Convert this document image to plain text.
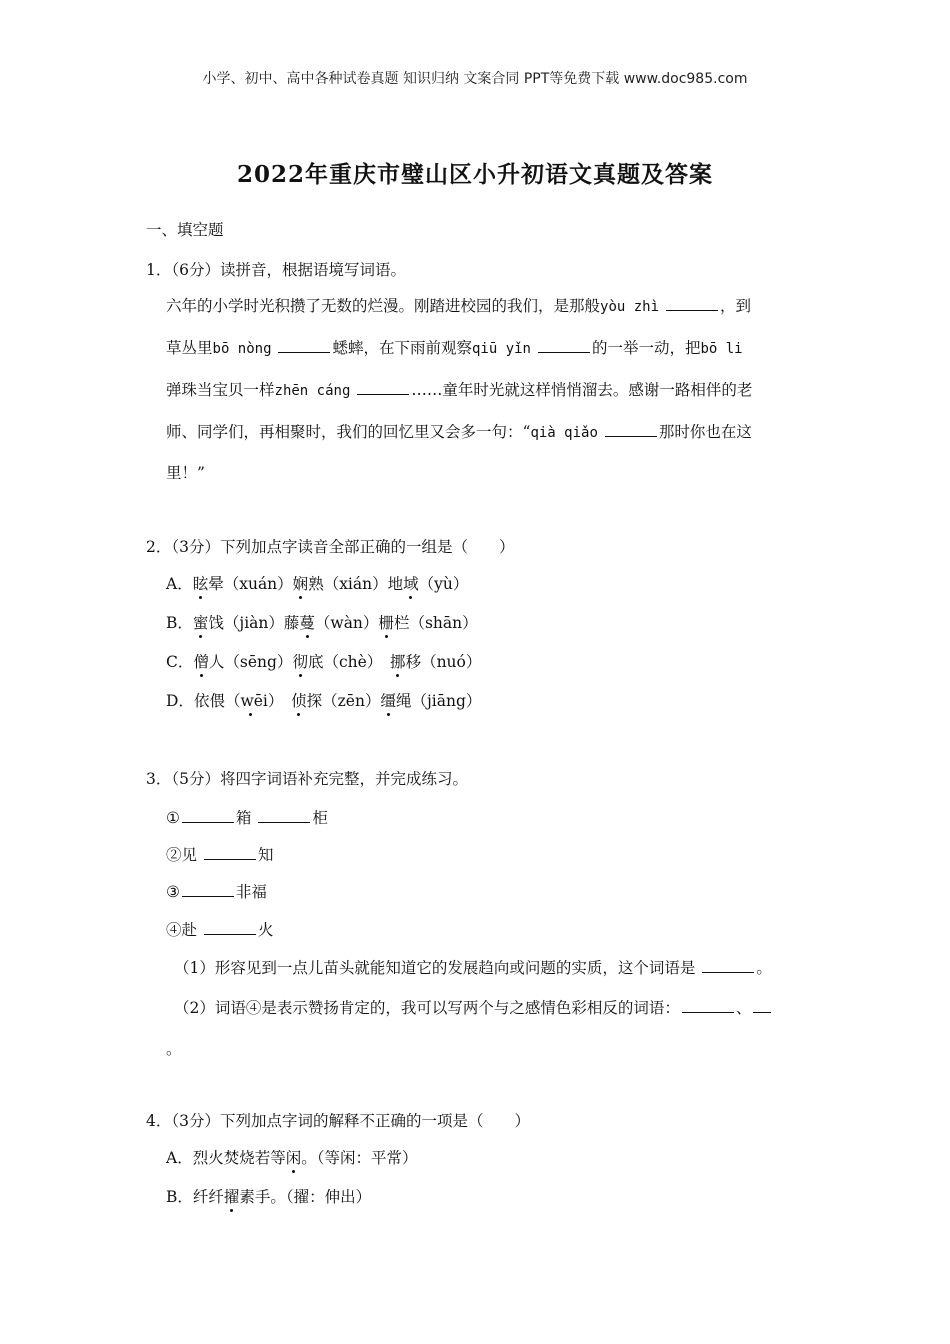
小学、初中、高中各种试卷真题 知识归纳 文案合同 PPT等免费下载 www.doc985.com
2022年重庆市璧山区小升初语文真题及答案
一、填空题
1．（6分）读拼音，根据语境写词语。
六年的小学时光积攒了无数的烂漫。刚踏进校园的我们，是那般yòu zhì	，到
草丛里bō nòng	蟋蟀，在下雨前观察qiū yǐn	的一举一动，把bō li
弹珠当宝贝一样zhēn cáng	……童年时光就这样悄悄溜去。感谢一路相伴的老
师、同学们，再相聚时，我们的回忆里又会多一句：“qià qiǎo	那时你也在这
里！”
2．（3分）下列加点字读音全部正确的一组是（　　）
A．眩晕（xuán）娴熟（xián）地域（yù）
B．蜜饯（jiàn）藤蔓（wàn）栅栏（shān）
C．僧人（sēng）彻底（chè）　挪移（nuó）
D．依偎（wēi）　侦探（zēn）缰绳（jiāng）
3．（5分）将四字词语补充完整，并完成练习。
①	箱	柜
②见	知
③	非福
④赴	火
（1）形容见到一点儿苗头就能知道它的发展趋向或问题的实质，这个词语是	。
（2）词语④是表示赞扬肯定的，我可以写两个与之感情色彩相反的词语：	、
。
4．（3分）下列加点字词的解释不正确的一项是（　　）
A．烈火焚烧若等闲。（等闲：平常）
B．纤纤擢素手。（擢：伸出）
